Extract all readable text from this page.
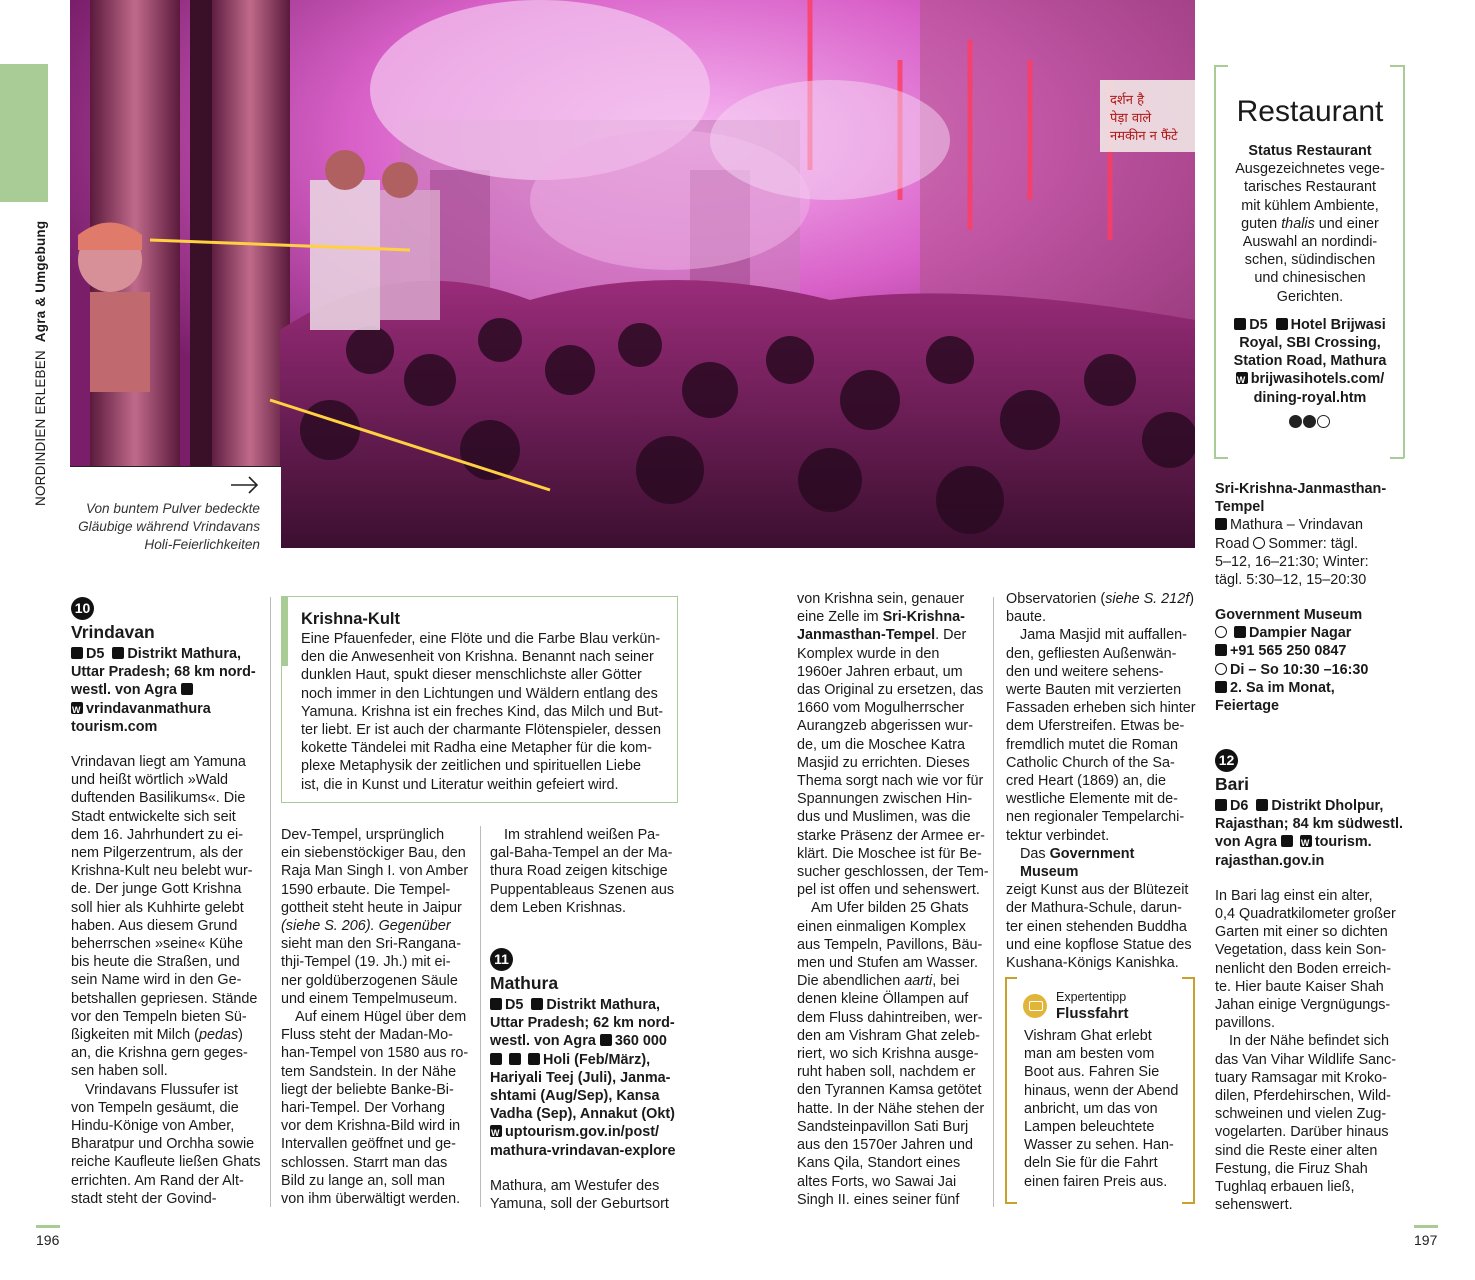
NORDINDIEN ERLEBEN  Agra & Umgebung
दर्शन है
पेड़ा वाले
नमकीन न फैंटे
Von buntem Pulver bedeckte Gläubige während Vrindavans Holi-Feierlichkeiten
10
Vrindavan
D5 Distrikt Mathura,
Uttar Pradesh; 68 km nord-
westl. von Agra
Wvrindavanmathura
tourism.com
Vrindavan liegt am Yamuna
und heißt wörtlich »Wald
duftenden Basilikums«. Die
Stadt entwickelte sich seit
dem 16. Jahrhundert zu ei-
nem Pilgerzentrum, als der
Krishna-Kult neu belebt wur-
de. Der junge Gott Krishna
soll hier als Kuhhirte gelebt
haben. Aus diesem Grund
beherrschen »seine« Kühe
bis heute die Straßen, und
sein Name wird in den Ge-
betshallen gepriesen. Stände
vor den Tempeln bieten Sü-
ßigkeiten mit Milch (pedas)
an, die Krishna gern geges-
sen haben soll.
Vrindavans Flussufer ist
von Tempeln gesäumt, die
Hindu-Könige von Amber,
Bharatpur und Orchha sowie
reiche Kaufleute ließen Ghats
errichten. Am Rand der Alt-
stadt steht der Govind-
Krishna-Kult
Eine Pfauenfeder, eine Flöte und die Farbe Blau verkün-
den die Anwesenheit von Krishna. Benannt nach seiner
dunklen Haut, spukt dieser menschlichste aller Götter
noch immer in den Lichtungen und Wäldern entlang des
Yamuna. Krishna ist ein freches Kind, das Milch und But-
ter liebt. Er ist auch der charmante Flötenspieler, dessen
kokette Tändelei mit Radha eine Metapher für die kom-
plexe Metaphysik der zeitlichen und spirituellen Liebe
ist, die in Kunst und Literatur weithin gefeiert wird.
Dev-Tempel, ursprünglich
ein siebenstöckiger Bau, den
Raja Man Singh I. von Amber
1590 erbaute. Die Tempel-
gottheit steht heute in Jaipur
(siehe S. 206). Gegenüber
sieht man den Sri-Rangana-
thji-Tempel (19. Jh.) mit ei-
ner goldüberzogenen Säule
und einem Tempelmuseum.
Auf einem Hügel über dem
Fluss steht der Madan-Mo-
han-Tempel von 1580 aus ro-
tem Sandstein. In der Nähe
liegt der beliebte Banke-Bi-
hari-Tempel. Der Vorhang
vor dem Krishna-Bild wird in
Intervallen geöffnet und ge-
schlossen. Starrt man das
Bild zu lange an, soll man
von ihm überwältigt werden.
Im strahlend weißen Pa-
gal-Baha-Tempel an der Ma-
thura Road zeigen kitschige
Puppentableaus Szenen aus
dem Leben Krishnas.
11
Mathura
D5 Distrikt Mathura,
Uttar Pradesh; 62 km nord-
westl. von Agra 360 000
Holi (Feb/März),
Hariyali Teej (Juli), Janma-
shtami (Aug/Sep), Kansa
Vadha (Sep), Annakut (Okt)
Wuptourism.gov.in/post/
mathura-vrindavan-explore
Mathura, am Westufer des
Yamuna, soll der Geburtsort
von Krishna sein, genauer
eine Zelle im Sri-Krishna-
Janmasthan-Tempel. Der
Komplex wurde in den
1960er Jahren erbaut, um
das Original zu ersetzen, das
1660 vom Mogulherrscher
Aurangzeb abgerissen wur-
de, um die Moschee Katra
Masjid zu errichten. Dieses
Thema sorgt nach wie vor für
Spannungen zwischen Hin-
dus und Muslimen, was die
starke Präsenz der Armee er-
klärt. Die Moschee ist für Be-
sucher geschlossen, der Tem-
pel ist offen und sehenswert.
Am Ufer bilden 25 Ghats
einen einmaligen Komplex
aus Tempeln, Pavillons, Bäu-
men und Stufen am Wasser.
Die abendlichen aarti, bei
denen kleine Öllampen auf
dem Fluss dahintreiben, wer-
den am Vishram Ghat zeleb-
riert, wo sich Krishna ausge-
ruht haben soll, nachdem er
den Tyrannen Kamsa getötet
hatte. In der Nähe stehen der
Sandsteinpavillon Sati Burj
aus den 1570er Jahren und
Kans Qila, Standort eines
altes Forts, wo Sawai Jai
Singh II. eines seiner fünf
Observatorien (siehe S. 212f)
baute.
Jama Masjid mit auffallen-
den, gefliesten Außenwän-
den und weitere sehens-
werte Bauten mit verzierten
Fassaden erheben sich hinter
dem Uferstreifen. Etwas be-
fremdlich mutet die Roman
Catholic Church of the Sa-
cred Heart (1869) an, die
westliche Elemente mit de-
nen regionaler Tempelarchi-
tektur verbindet.
Das Government Museum
zeigt Kunst aus der Blütezeit
der Mathura-Schule, darun-
ter einen stehenden Buddha
und eine kopflose Statue des
Kushana-Königs Kanishka.
Expertentipp
Flussfahrt
Vishram Ghat erlebt
man am besten vom
Boot aus. Fahren Sie
hinaus, wenn der Abend
anbricht, um das von
Lampen beleuchtete
Wasser zu sehen. Han-
deln Sie für die Fahrt
einen fairen Preis aus.
Restaurant
Status Restaurant
Ausgezeichnetes vege-
tarisches Restaurant
mit kühlem Ambiente,
guten thalis und einer
Auswahl an nordindi-
schen, südindischen
und chinesischen
Gerichten.
D5 Hotel Brijwasi
Royal, SBI Crossing,
Station Road, Mathura
Wbrijwasihotels.com/
dining-royal.htm
Sri-Krishna-Janmasthan-
Tempel
Mathura – Vrindavan
Road Sommer: tägl.
5–12, 16–21:30; Winter:
tägl. 5:30–12, 15–20:30
Government Museum
Dampier Nagar
+91 565 250 0847
Di – So 10:30 –16:30
2. Sa im Monat,
Feiertage
12
Bari
D6 Distrikt Dholpur,
Rajasthan; 84 km südwestl.
von Agra  W	tourism.
rajasthan.gov.in
In Bari lag einst ein alter,
0,4 Quadratkilometer großer
Garten mit einer so dichten
Vegetation, dass kein Son-
nenlicht den Boden erreich-
te. Hier baute Kaiser Shah
Jahan einige Vergnügungs-
pavillons.
In der Nähe befindet sich
das Van Vihar Wildlife Sanc-
tuary Ramsagar mit Kroko-
dilen, Pferdehirschen, Wild-
schweinen und vielen Zug-
vogelarten. Darüber hinaus
sind die Reste einer alten
Festung, die Firuz Shah
Tughlaq erbauen ließ,
sehenswert.
196	197
